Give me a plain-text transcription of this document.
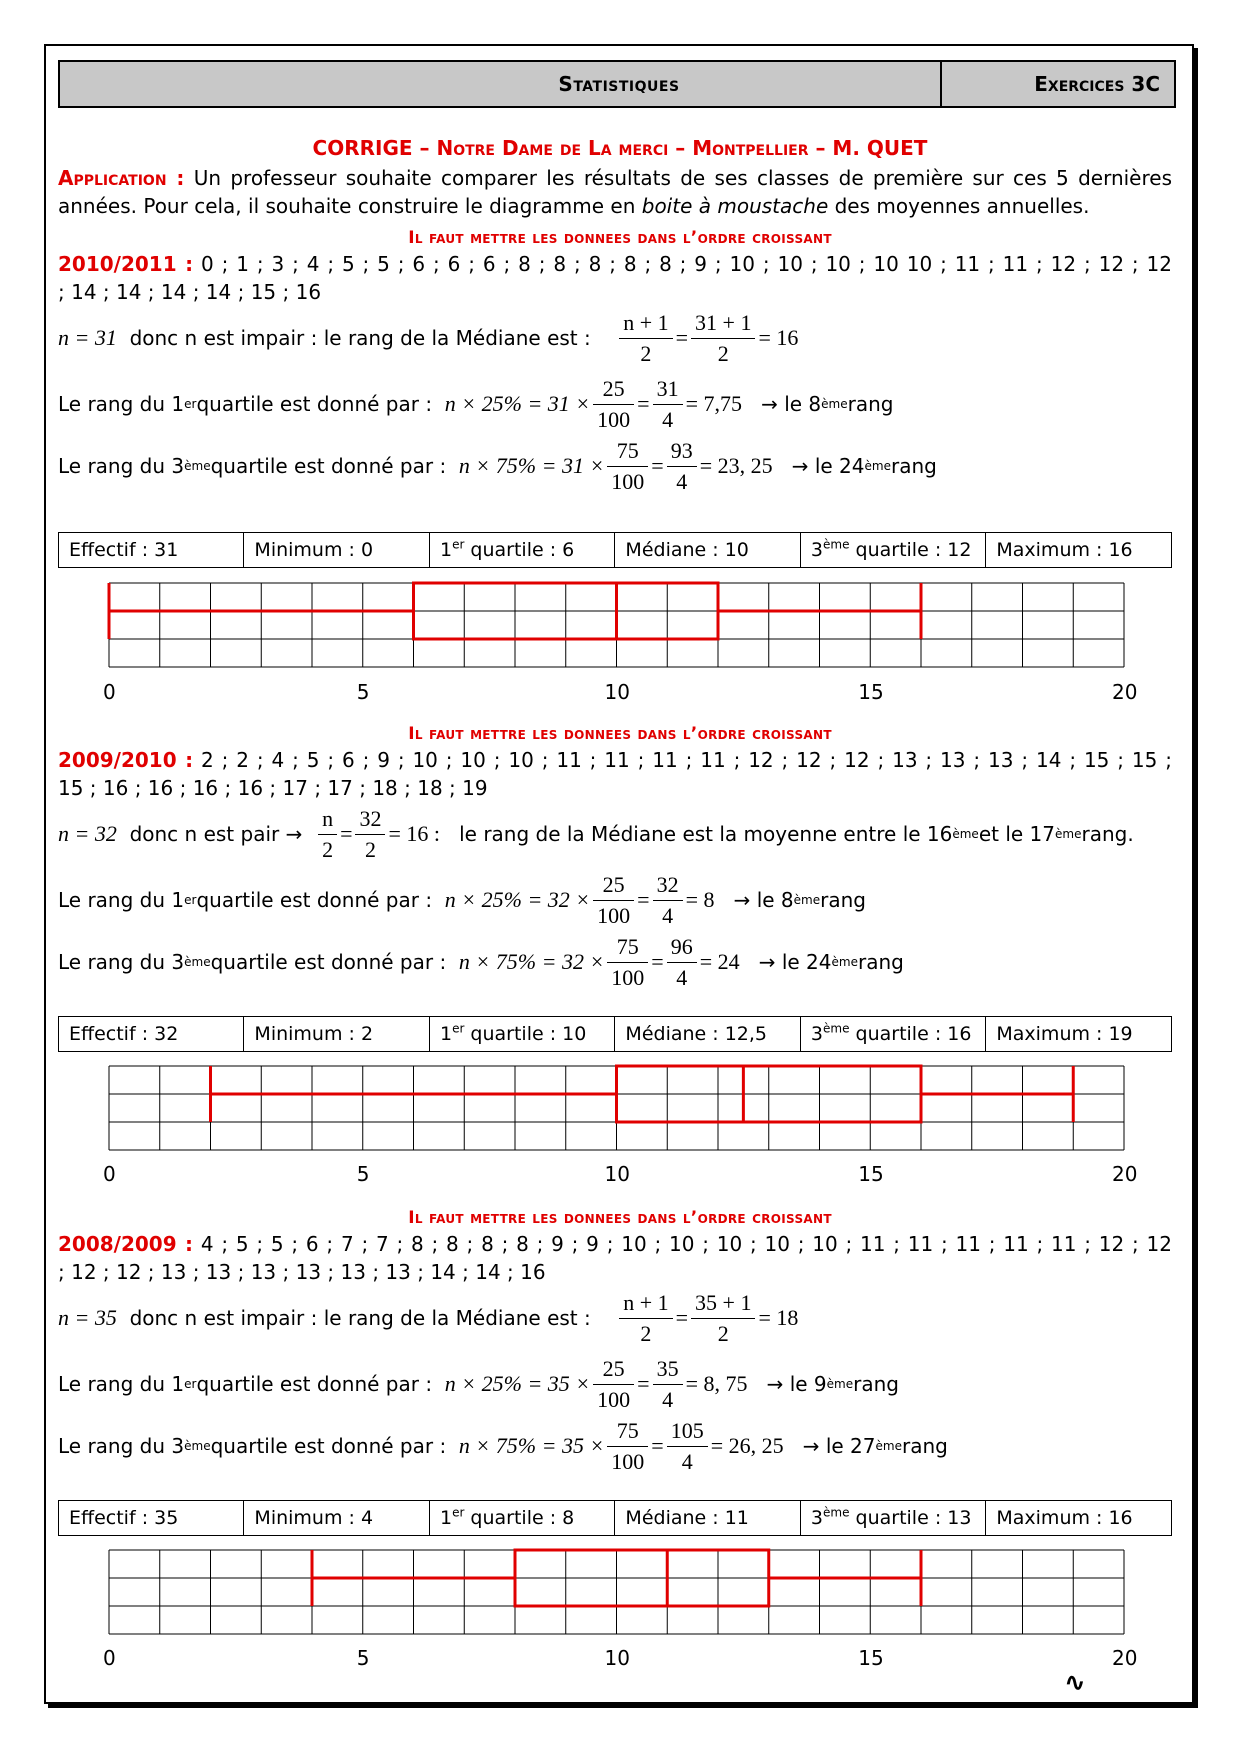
Statistiques	Exercices 3C
CORRIGE – Notre Dame de La merci – Montpellier – M. QUET
Application : Un professeur souhaite comparer les résultats de ses classes de première sur ces 5 dernières
années. Pour cela, il souhaite construire le diagramme en boite à moustache des moyennes annuelles.
Il faut mettre les donnees dans l’ordre croissant
2010/2011 : 0 ; 1 ; 3 ; 4 ; 5 ; 5 ; 6 ; 6 ; 6 ; 8 ; 8 ; 8 ; 8 ; 8 ; 9 ; 10 ; 10 ; 10 ; 10 10 ; 11 ; 11 ; 12 ; 12 ; 12
; 14 ; 14 ; 14 ; 14 ; 15 ; 16
n = 31
donc n est impair : le rang de la Médiane est :
$\frac{n + 1}{2} = \frac{31 + 1}{2} = 16$
Le rang du 1 er quartile est donné par :
$n \times 25\% = 31 \times \frac{25}{100} = \frac{31}{4} = 7,75$
→ le 8 ème rang
Le rang du 3 ème quartile est donné par :
$n \times 75\% = 31 \times \frac{75}{100} = \frac{93}{4} = 23$, 25
→ le 24 ème rang
Effectif : 31	Minimum : 0	1er quartile : 6	Médiane : 10	3ème quartile : 12	Maximum : 16
Il faut mettre les donnees dans l’ordre croissant
2009/2010 : 2 ; 2 ; 4 ; 5 ; 6 ; 9 ; 10 ; 10 ; 10 ; 11 ; 11 ; 11 ; 11 ; 12 ; 12 ; 12 ; 13 ; 13 ; 13 ; 14 ; 15 ; 15 ;
15 ; 16 ; 16 ; 16 ; 16 ; 17 ; 17 ; 18 ; 18 ; 19
n = 32
donc n est pair →
$\frac{n}{2} = \frac{32}{2} = 16$ :
le rang de la Médiane est la moyenne entre le 16 ème et le 17 ème rang.
Le rang du 1 er quartile est donné par :
$n \times 25\% = 32 \times \frac{25}{100} = \frac{32}{4} = 8$
→ le 8 ème rang
Le rang du 3 ème quartile est donné par :
$n \times 75\% = 32 \times \frac{75}{100} = \frac{96}{4} = 24$
→ le 24 ème rang
Effectif : 32	Minimum : 2	1er quartile : 10	Médiane : 12,5	3ème quartile : 16	Maximum : 19
Il faut mettre les donnees dans l’ordre croissant
2008/2009 : 4 ; 5 ; 5 ; 6 ; 7 ; 7 ; 8 ; 8 ; 8 ; 8 ; 9 ; 9 ; 10 ; 10 ; 10 ; 10 ; 10 ; 11 ; 11 ; 11 ; 11 ; 11 ; 12 ; 12
; 12 ; 12 ; 13 ; 13 ; 13 ; 13 ; 13 ; 13 ; 14 ; 14 ; 16
n = 35
donc n est impair : le rang de la Médiane est :
$\frac{n + 1}{2} = \frac{35 + 1}{2} = 18$
Le rang du 1 er quartile est donné par :
$n \times 25\% = 35 \times \frac{25}{100} = \frac{35}{4} = 8$, 75
→ le 9 ème rang
Le rang du 3 ème quartile est donné par :
$n \times 75\% = 35 \times \frac{75}{100} = \frac{105}{4} = 26$, 25
→ le 27 ème rang
Effectif : 35	Minimum : 4	1er quartile : 8	Médiane : 11	3ème quartile : 13	Maximum : 16
∿
0	5	10	15	20
0	5	10	15	20
0	5	10	15	20
